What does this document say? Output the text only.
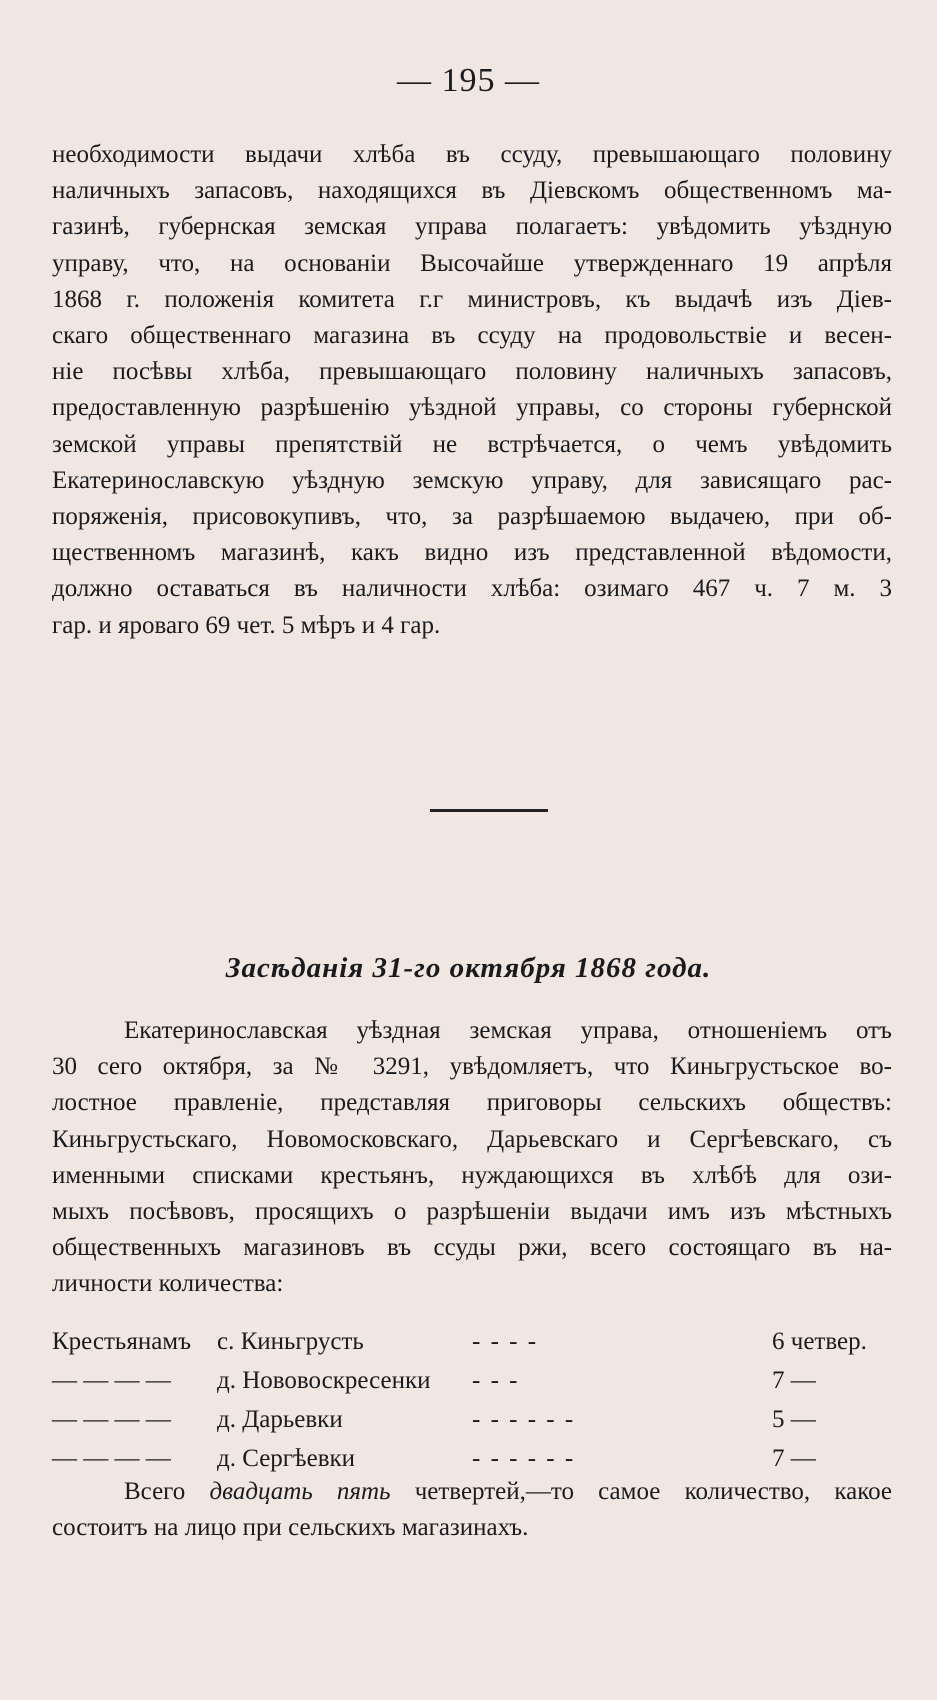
— 195 —
необходимости выдачи хлѣба въ ссуду, превышающаго половину
наличныхъ запасовъ, находящихся въ Діевскомъ общественномъ ма-
газинѣ, губернская земская управа полагаетъ: увѣдомить уѣздную
управу, что, на основаніи Высочайше утвержденнаго 19 апрѣля
1868 г. положенія комитета г.г министровъ, къ выдачѣ изъ Діев-
скаго общественнаго магазина въ ссуду на продовольствіе и весен-
ніе посѣвы хлѣба, превышающаго половину наличныхъ запасовъ,
предоставленную разрѣшенію уѣздной управы, со стороны губернской
земской управы препятствій не встрѣчается, о чемъ увѣдомить
Екатеринославскую уѣздную земскую управу, для зависящаго рас-
поряженія, присовокупивъ, что, за разрѣшаемою выдачею, при об-
щественномъ магазинѣ, какъ видно изъ представленной вѣдомости,
должно оставаться въ наличности хлѣба: озимаго 467 ч. 7 м. 3
гар. и яроваго 69 чет. 5 мѣръ и 4 гар.
Засѣданія 31-го октября 1868 года.
Екатеринославская уѣздная земская управа, отношеніемъ отъ
30 сего октября, за № 3291, увѣдомляетъ, что Киньгрустьское во-
лостное правленіе, представляя приговоры сельскихъ обществъ:
Киньгрустьскаго, Новомосковскаго, Дарьевскаго и Сергѣевскаго, съ
именными списками крестьянъ, нуждающихся въ хлѣбѣ для ози-
мыхъ посѣвовъ, просящихъ о разрѣшеніи выдачи имъ изъ мѣстныхъ
общественныхъ магазиновъ въ ссуды ржи, всего состоящаго въ на-
личности количества:
Крестьянамъ	с. Киньгрусть	- - - -	6 четвер.
— — — —	д. Нововоскресенки	- - -	7 —
— — — —	д. Дарьевки	- - - - - -	5 —
— — — —	д. Сергѣевки	- - - - - -	7 —
Всего двадцать пять четвертей,—то самое количество, какое
состоитъ на лицо при сельскихъ магазинахъ.
